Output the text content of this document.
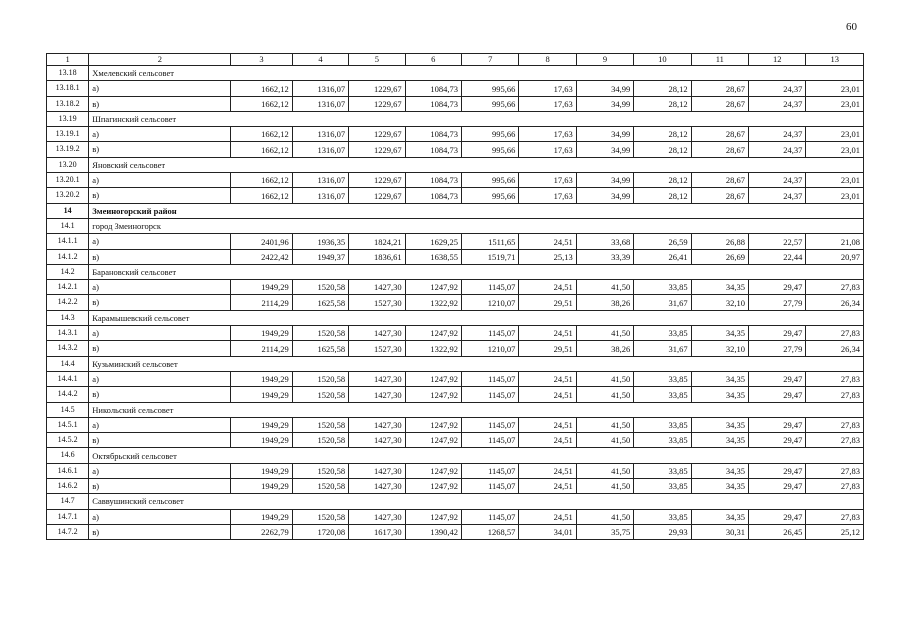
60
1	2	3	4	5	6	7	8	9	10	11	12	13
13.18	Хмелевский сельсовет											
13.18.1	а)	1662,12	1316,07	1229,67	1084,73	995,66	17,63	34,99	28,12	28,67	24,37	23,01
13.18.2	в)	1662,12	1316,07	1229,67	1084,73	995,66	17,63	34,99	28,12	28,67	24,37	23,01
13.19	Шпагинский сельсовет											
13.19.1	а)	1662,12	1316,07	1229,67	1084,73	995,66	17,63	34,99	28,12	28,67	24,37	23,01
13.19.2	в)	1662,12	1316,07	1229,67	1084,73	995,66	17,63	34,99	28,12	28,67	24,37	23,01
13.20	Яновский сельсовет											
13.20.1	а)	1662,12	1316,07	1229,67	1084,73	995,66	17,63	34,99	28,12	28,67	24,37	23,01
13.20.2	в)	1662,12	1316,07	1229,67	1084,73	995,66	17,63	34,99	28,12	28,67	24,37	23,01
14	Змеиногорский район											
14.1	город Змеиногорск											
14.1.1	а)	2401,96	1936,35	1824,21	1629,25	1511,65	24,51	33,68	26,59	26,88	22,57	21,08
14.1.2	в)	2422,42	1949,37	1836,61	1638,55	1519,71	25,13	33,39	26,41	26,69	22,44	20,97
14.2	Барановский сельсовет											
14.2.1	а)	1949,29	1520,58	1427,30	1247,92	1145,07	24,51	41,50	33,85	34,35	29,47	27,83
14.2.2	в)	2114,29	1625,58	1527,30	1322,92	1210,07	29,51	38,26	31,67	32,10	27,79	26,34
14.3	Карамышевский сельсовет											
14.3.1	а)	1949,29	1520,58	1427,30	1247,92	1145,07	24,51	41,50	33,85	34,35	29,47	27,83
14.3.2	в)	2114,29	1625,58	1527,30	1322,92	1210,07	29,51	38,26	31,67	32,10	27,79	26,34
14.4	Кузьминский сельсовет											
14.4.1	а)	1949,29	1520,58	1427,30	1247,92	1145,07	24,51	41,50	33,85	34,35	29,47	27,83
14.4.2	в)	1949,29	1520,58	1427,30	1247,92	1145,07	24,51	41,50	33,85	34,35	29,47	27,83
14.5	Никольский сельсовет											
14.5.1	а)	1949,29	1520,58	1427,30	1247,92	1145,07	24,51	41,50	33,85	34,35	29,47	27,83
14.5.2	в)	1949,29	1520,58	1427,30	1247,92	1145,07	24,51	41,50	33,85	34,35	29,47	27,83
14.6	Октябрьский сельсовет											
14.6.1	а)	1949,29	1520,58	1427,30	1247,92	1145,07	24,51	41,50	33,85	34,35	29,47	27,83
14.6.2	в)	1949,29	1520,58	1427,30	1247,92	1145,07	24,51	41,50	33,85	34,35	29,47	27,83
14.7	Саввушинский сельсовет											
14.7.1	а)	1949,29	1520,58	1427,30	1247,92	1145,07	24,51	41,50	33,85	34,35	29,47	27,83
14.7.2	в)	2262,79	1720,08	1617,30	1390,42	1268,57	34,01	35,75	29,93	30,31	26,45	25,12
